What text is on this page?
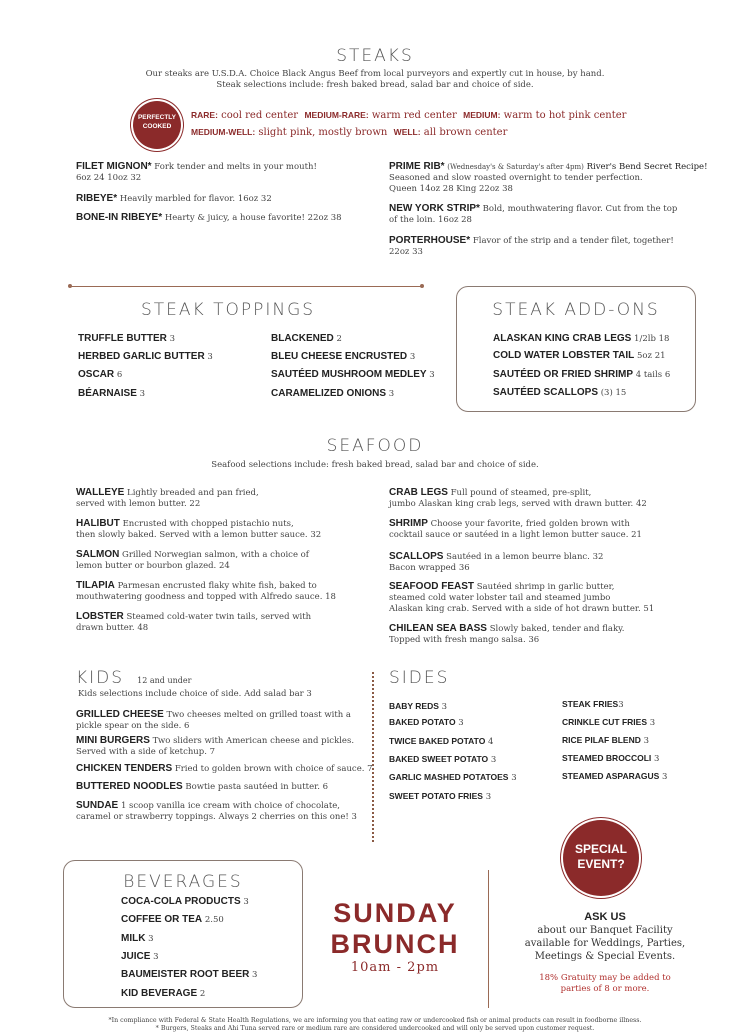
STEAKS
Our steaks are U.S.D.A. Choice Black Angus Beef from local purveyors and expertly cut in house, by hand.
Steak selections include: fresh baked bread, salad bar and choice of side.
PERFECTLY
COOKED
RARE: cool red center MEDIUM-RARE: warm red center MEDIUM: warm to hot pink center
MEDIUM-WELL: slight pink, mostly brown WELL: all brown center
FILET MIGNON* Fork tender and melts in your mouth!
6oz 24 10oz 32
RIBEYE* Heavily marbled for flavor. 16oz 32
BONE-IN RIBEYE* Hearty & juicy, a house favorite! 22oz 38
PRIME RIB* (Wednesday's & Saturday's after 4pm) River's Bend Secret Recipe!
Seasoned and slow roasted overnight to tender perfection.
Queen 14oz 28 King 22oz 38
NEW YORK STRIP* Bold, mouthwatering flavor. Cut from the top
of the loin. 16oz 28
PORTERHOUSE* Flavor of the strip and a tender filet, together!
22oz 33
STEAK TOPPINGS
TRUFFLE BUTTER 3
HERBED GARLIC BUTTER 3
OSCAR 6
BÉARNAISE 3
BLACKENED 2
BLEU CHEESE ENCRUSTED 3
SAUTÉED MUSHROOM MEDLEY 3
CARAMELIZED ONIONS 3
STEAK ADD-ONS
ALASKAN KING CRAB LEGS 1/2lb 18
COLD WATER LOBSTER TAIL 5oz 21
SAUTÉED OR FRIED SHRIMP 4 tails 6
SAUTÉED SCALLOPS (3) 15
SEAFOOD
Seafood selections include: fresh baked bread, salad bar and choice of side.
WALLEYE Lightly breaded and pan fried,
served with lemon butter. 22
HALIBUT Encrusted with chopped pistachio nuts,
then slowly baked. Served with a lemon butter sauce. 32
SALMON Grilled Norwegian salmon, with a choice of
lemon butter or bourbon glazed. 24
TILAPIA Parmesan encrusted flaky white fish, baked to
mouthwatering goodness and topped with Alfredo sauce. 18
LOBSTER Steamed cold-water twin tails, served with
drawn butter. 48
CRAB LEGS Full pound of steamed, pre-split,
jumbo Alaskan king crab legs, served with drawn butter. 42
SHRIMP Choose your favorite, fried golden brown with
cocktail sauce or sautéed in a light lemon butter sauce. 21
SCALLOPS Sautéed in a lemon beurre blanc. 32
Bacon wrapped 36
SEAFOOD FEAST Sautéed shrimp in garlic butter,
steamed cold water lobster tail and steamed jumbo
Alaskan king crab. Served with a side of hot drawn butter. 51
CHILEAN SEA BASS Slowly baked, tender and flaky.
Topped with fresh mango salsa. 36
KIDS 12 and under
Kids selections include choice of side. Add salad bar 3
GRILLED CHEESE Two cheeses melted on grilled toast with a
pickle spear on the side. 6
MINI BURGERS Two sliders with American cheese and pickles.
Served with a side of ketchup. 7
CHICKEN TENDERS Fried to golden brown with choice of sauce. 7
BUTTERED NOODLES Bowtie pasta sautéed in butter. 6
SUNDAE 1 scoop vanilla ice cream with choice of chocolate,
caramel or strawberry toppings. Always 2 cherries on this one! 3
SIDES
BABY REDS 3
BAKED POTATO 3
TWICE BAKED POTATO 4
BAKED SWEET POTATO 3
GARLIC MASHED POTATOES 3
SWEET POTATO FRIES 3
STEAK FRIES3
CRINKLE CUT FRIES 3
RICE PILAF BLEND 3
STEAMED BROCCOLI 3
STEAMED ASPARAGUS 3
BEVERAGES
COCA-COLA PRODUCTS 3
COFFEE OR TEA 2.50
MILK 3
JUICE 3
BAUMEISTER ROOT BEER 3
KID BEVERAGE 2
SUNDAY
BRUNCH
10am - 2pm
SPECIAL
EVENT?
ASK US
about our Banquet Facility
available for Weddings, Parties,
Meetings & Special Events.
18% Gratuity may be added to
parties of 8 or more.
*In compliance with Federal & State Health Regulations, we are informing you that eating raw or undercooked fish or animal products can result in foodborne illness.
* Burgers, Steaks and Ahi Tuna served rare or medium rare are considered undercooked and will only be served upon customer request.
